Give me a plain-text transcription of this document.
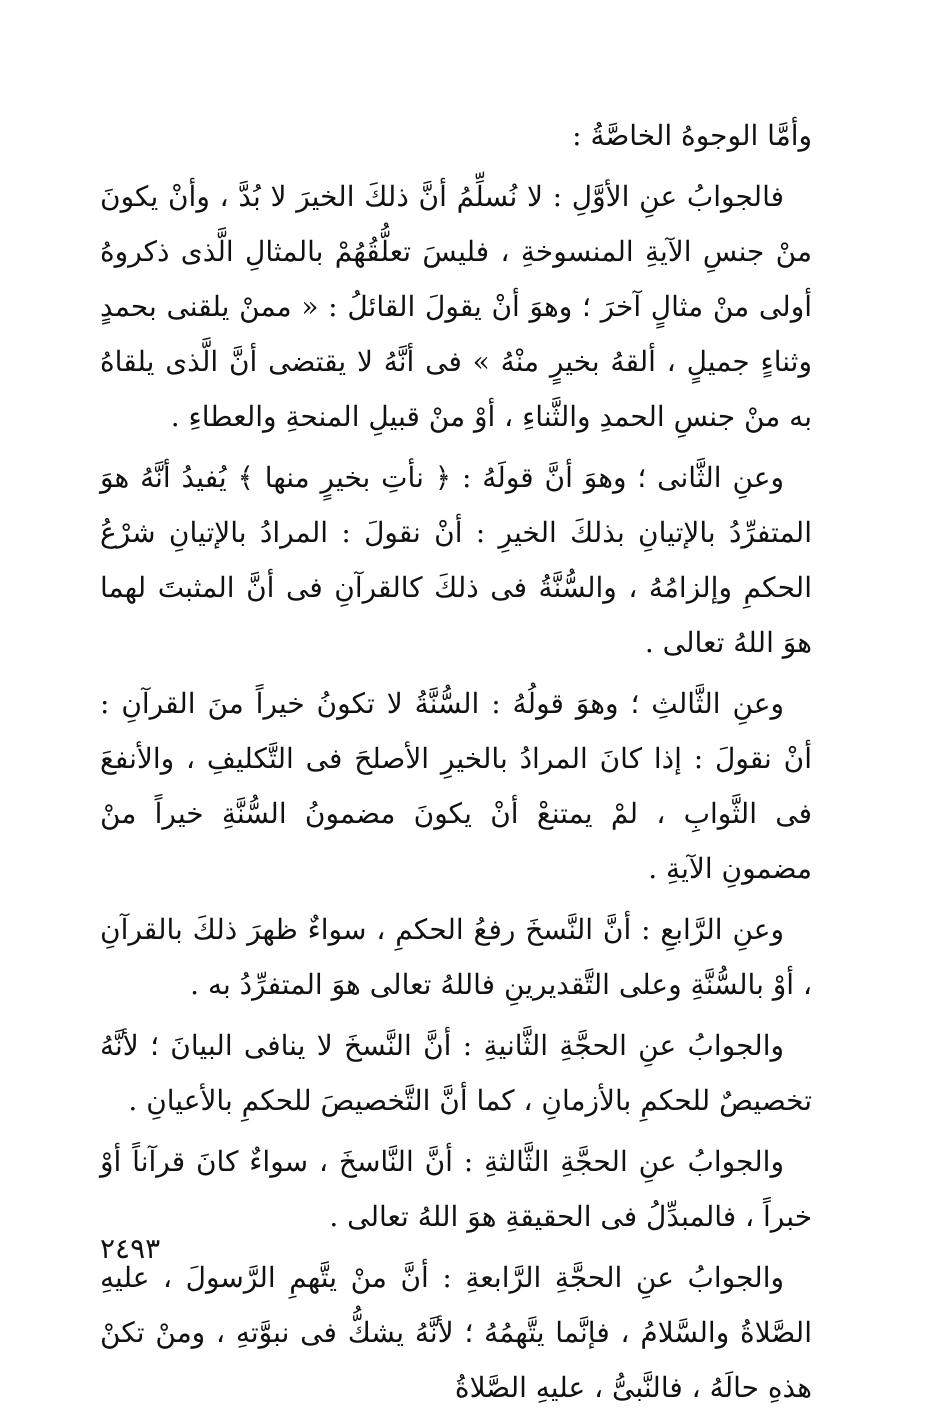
وأمَّا الوجوهُ الخاصَّةُ :

فالجوابُ عنِ الأوَّلِ : لا نُسلِّمُ أنَّ ذلكَ الخيرَ لا بُدَّ ، وأنْ يكونَ منْ جنسِ الآيةِ المنسوخةِ ، فليسَ تعلُّقُهُمْ بالمثالِ الَّذى ذكروهُ أولى منْ مثالٍ آخرَ ؛ وهوَ أنْ يقولَ القائلُ : « ممنْ يلقنى بحمدٍ وثناءٍ جميلٍ ، ألقهُ بخيرٍ منْهُ » فى أنَّهُ لا يقتضى أنَّ الَّذى يلقاهُ به منْ جنسِ الحمدِ والثَّناءِ ، أوْ منْ قبيلِ المنحةِ والعطاءِ .

وعنِ الثَّانى ؛ وهوَ أنَّ قولَهُ : ﴿ نأتِ بخيرٍ منها ﴾ يُفيدُ أنَّهُ هوَ المتفرِّدُ بالإتيانِ بذلكَ الخيرِ : أنْ نقولَ : المرادُ بالإتيانِ شرْعُ الحكمِ وإلزامُهُ ، والسُّنَّةُ فى ذلكَ كالقرآنِ فى أنَّ المثبتَ لهما هوَ اللهُ تعالى .

وعنِ الثَّالثِ ؛ وهوَ قولُهُ : السُّنَّةُ لا تكونُ خيراً منَ القرآنِ : أنْ نقولَ : إذا كانَ المرادُ بالخيرِ الأصلحَ فى التَّكليفِ ، والأنفعَ فى الثَّوابِ ، لمْ يمتنعْ أنْ يكونَ مضمونُ السُّنَّةِ خيراً منْ مضمونِ الآيةِ .

وعنِ الرَّابعِ : أنَّ النَّسخَ رفعُ الحكمِ ، سواءٌ ظهرَ ذلكَ بالقرآنِ ، أوْ بالسُّنَّةِ وعلى التَّقديرينِ فاللهُ تعالى هوَ المتفرِّدُ به .

والجوابُ عنِ الحجَّةِ الثَّانيةِ : أنَّ النَّسخَ لا ينافى البيانَ ؛ لأنَّهُ تخصيصٌ للحكمِ بالأزمانِ ، كما أنَّ التَّخصيصَ للحكمِ بالأعيانِ .

والجوابُ عنِ الحجَّةِ الثَّالثةِ : أنَّ النَّاسخَ ، سواءٌ كانَ قرآناً أوْ خبراً ، فالمبدِّلُ فى الحقيقةِ هوَ اللهُ تعالى .

والجوابُ عنِ الحجَّةِ الرَّابعةِ : أنَّ منْ يتَّهمِ الرَّسولَ ، عليهِ الصَّلاةُ والسَّلامُ ، فإنَّما يتَّهمُهُ ؛ لأنَّهُ يشكُّ فى نبوَّتهِ ، ومنْ تكنْ هذهِ حالَهُ ، فالنَّبىُّ ، عليهِ الصَّلاةُ

٢٤٩٣
